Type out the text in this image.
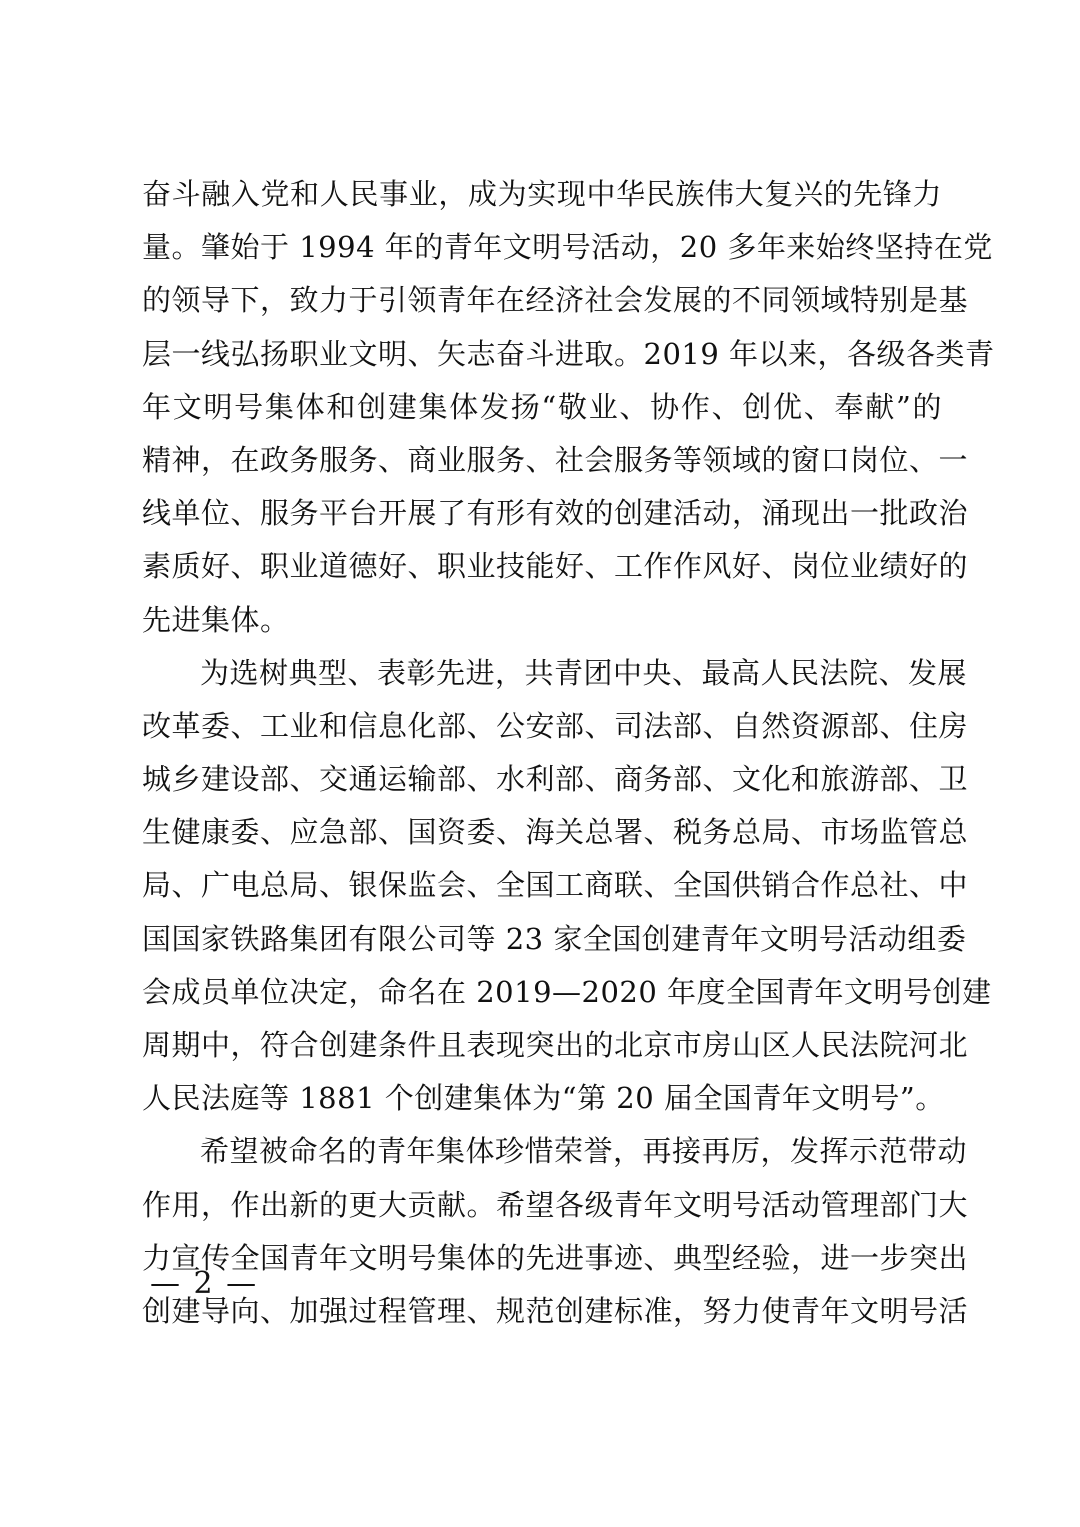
奋斗融入党和人民事业，成为实现中华民族伟大复兴的先锋力
量。肇始于 1994 年的青年文明号活动，20 多年来始终坚持在党
的领导下，致力于引领青年在经济社会发展的不同领域特别是基
层一线弘扬职业文明、矢志奋斗进取。2019 年以来，各级各类青
年文明号集体和创建集体发扬“敬业、协作、创优、奉献”的
精神，在政务服务、商业服务、社会服务等领域的窗口岗位、一
线单位、服务平台开展了有形有效的创建活动，涌现出一批政治
素质好、职业道德好、职业技能好、工作作风好、岗位业绩好的
先进集体。
为选树典型、表彰先进，共青团中央、最高人民法院、发展
改革委、工业和信息化部、公安部、司法部、自然资源部、住房
城乡建设部、交通运输部、水利部、商务部、文化和旅游部、卫
生健康委、应急部、国资委、海关总署、税务总局、市场监管总
局、广电总局、银保监会、全国工商联、全国供销合作总社、中
国国家铁路集团有限公司等 23 家全国创建青年文明号活动组委
会成员单位决定，命名在 2019—2020 年度全国青年文明号创建
周期中，符合创建条件且表现突出的北京市房山区人民法院河北
人民法庭等 1881 个创建集体为“第 20 届全国青年文明号”。
希望被命名的青年集体珍惜荣誉，再接再厉，发挥示范带动
作用，作出新的更大贡献。希望各级青年文明号活动管理部门大
力宣传全国青年文明号集体的先进事迹、典型经验，进一步突出
创建导向、加强过程管理、规范创建标准，努力使青年文明号活
— 2 —
